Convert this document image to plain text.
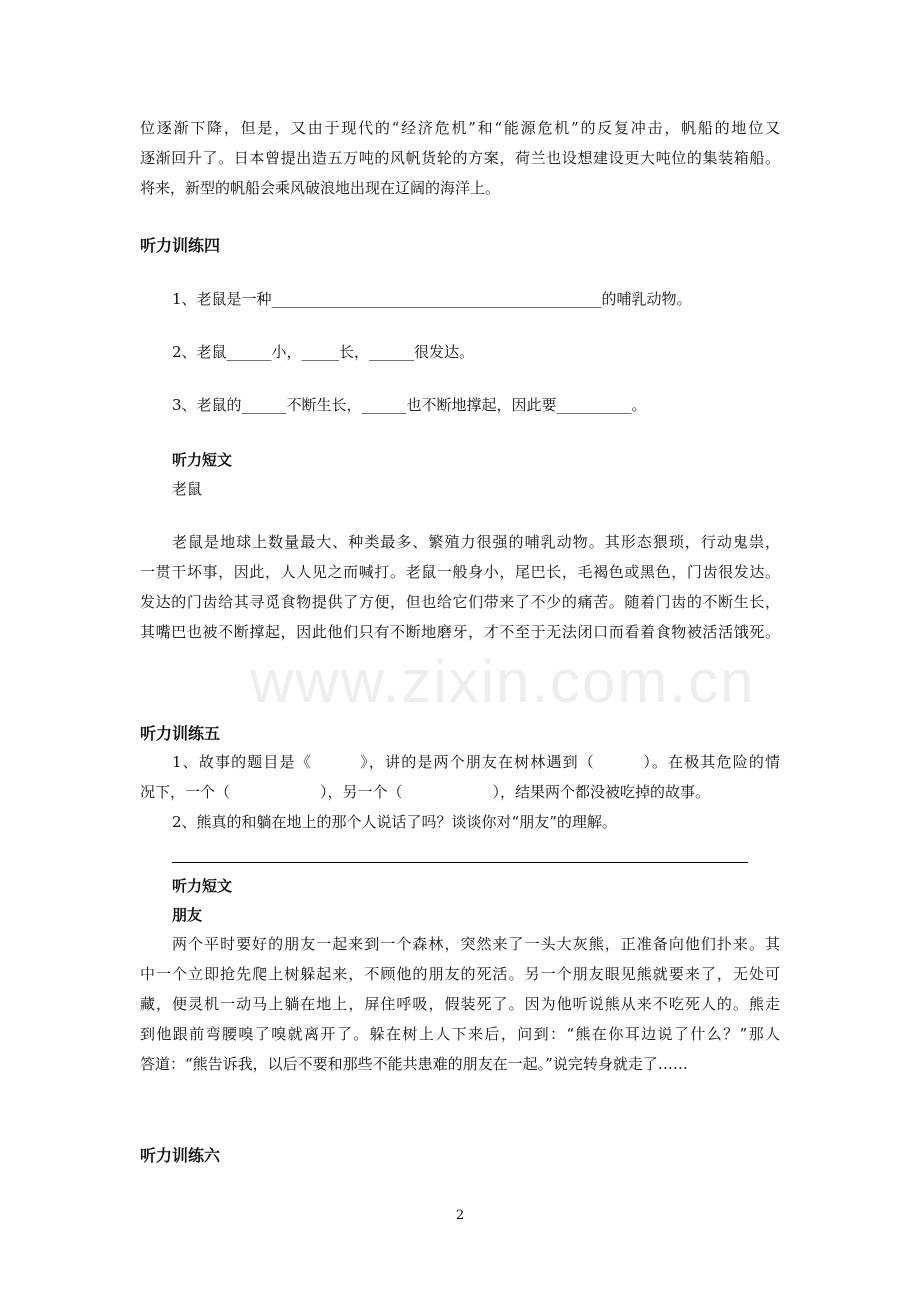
www.zixin.com.cn
位逐渐下降，但是，又由于现代的“经济危机”和“能源危机”的反复冲击，帆船的地位又
逐渐回升了。日本曾提出造五万吨的风帆货轮的方案，荷兰也设想建设更大吨位的集装箱船。
将来，新型的帆船会乘风破浪地出现在辽阔的海洋上。
听力训练四
1、老鼠是一种____________________________________________的哺乳动物。
2、老鼠______小，_____长，______很发达。
3、老鼠的______不断生长，______也不断地撑起，因此要__________。
听力短文
老鼠
老鼠是地球上数量最大、种类最多、繁殖力很强的哺乳动物。其形态猥琐，行动鬼祟，
一贯干坏事，因此，人人见之而喊打。老鼠一般身小，尾巴长，毛褐色或黑色，门齿很发达。
发达的门齿给其寻觅食物提供了方便，但也给它们带来了不少的痛苦。随着门齿的不断生长，
其嘴巴也被不断撑起，因此他们只有不断地磨牙，才不至于无法闭口而看着食物被活活饿死。
听力训练五
1、故事的题目是《　　　》，讲的是两个朋友在树林遇到（　　　）。在极其危险的情
况下，一个（　　　　　　），另一个（　　　　　　），结果两个都没被吃掉的故事。
2、熊真的和躺在地上的那个人说话了吗？谈谈你对“朋友”的理解。
听力短文
朋友
两个平时要好的朋友一起来到一个森林，突然来了一头大灰熊，正准备向他们扑来。其
中一个立即抢先爬上树躲起来，不顾他的朋友的死活。另一个朋友眼见熊就要来了，无处可
藏，便灵机一动马上躺在地上，屏住呼吸，假装死了。因为他听说熊从来不吃死人的。熊走
到他跟前弯腰嗅了嗅就离开了。躲在树上人下来后，问到：“熊在你耳边说了什么？”那人
答道：“熊告诉我，以后不要和那些不能共患难的朋友在一起。”说完转身就走了……
听力训练六
2
